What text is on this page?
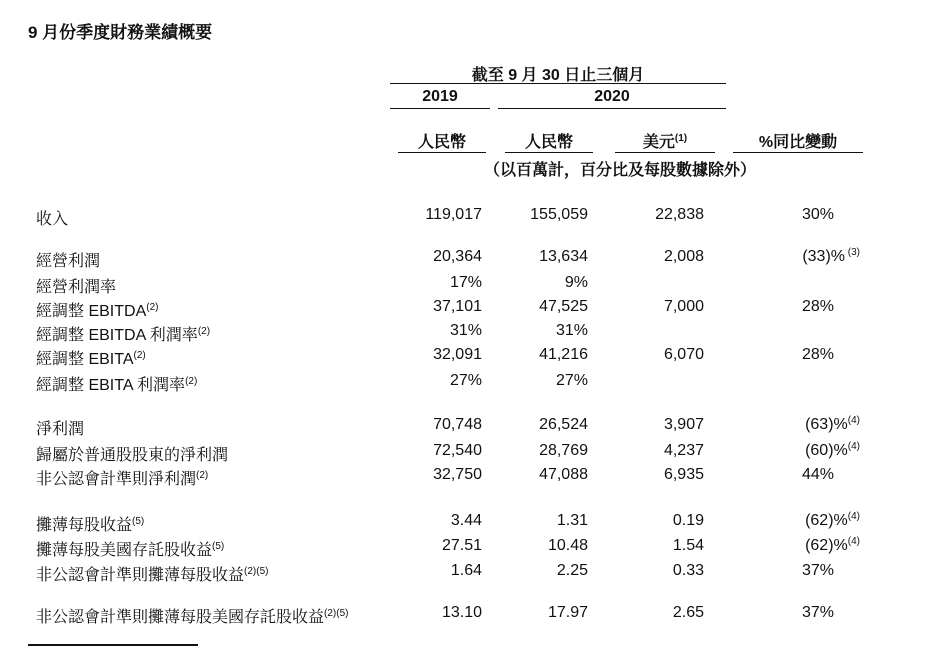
9 月份季度財務業績概要
截至 9 月 30 日止三個月
2019	2020
人民幣	人民幣	美元$^{(1)}$	%同比變動
（以百萬計，百分比及每股數據除外）
收入	119,017	155,059	22,838	30%
經營利潤	20,364	13,634	2,008	(33)% $^{(3)}$
經營利潤率	17%	9%
經調整 EBITDA$^{(2)}$	37,101	47,525	7,000	28%
經調整 EBITDA 利潤率$^{(2)}$	31%	31%
經調整 EBITA$^{(2)}$	32,091	41,216	6,070	28%
經調整 EBITA 利潤率$^{(2)}$	27%	27%
淨利潤	70,748	26,524	3,907	(63)%$^{(4)}$
歸屬於普通股股東的淨利潤	72,540	28,769	4,237	(60)%$^{(4)}$
非公認會計準則淨利潤$^{(2)}$	32,750	47,088	6,935	44%
攤薄每股收益$^{(5)}$	3.44	1.31	0.19	(62)%$^{(4)}$
攤薄每股美國存託股收益$^{(5)}$	27.51	10.48	1.54	(62)%$^{(4)}$
非公認會計準則攤薄每股收益$^{(2)(5)}$	1.64	2.25	0.33	37%
非公認會計準則攤薄每股美國存託股收益$^{(2)(5)}$	13.10	17.97	2.65	37%
